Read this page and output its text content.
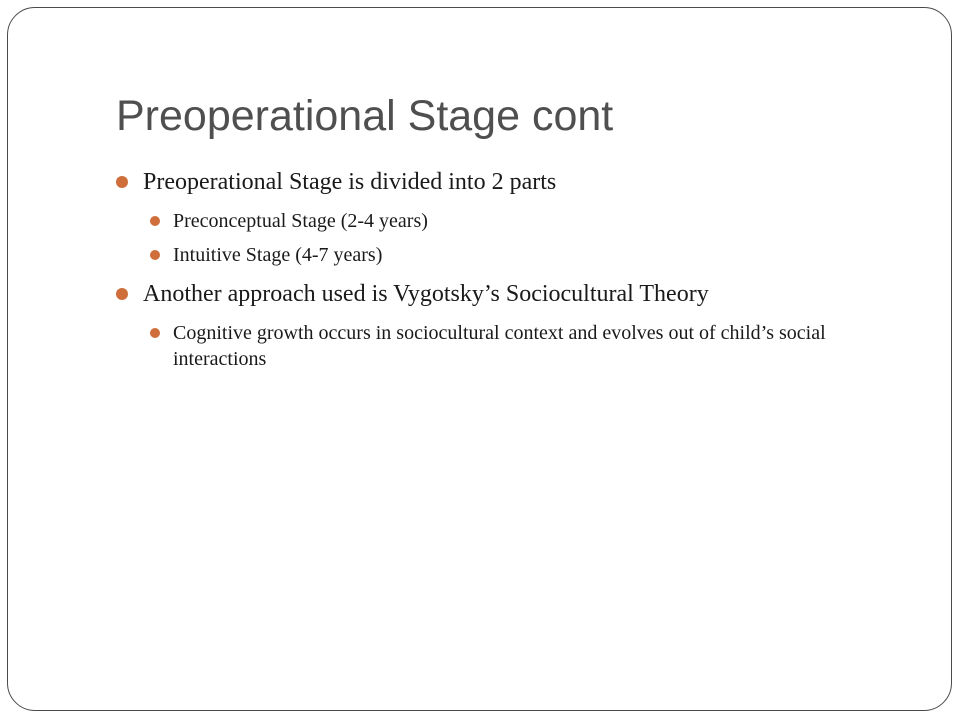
Preoperational Stage cont
Preoperational Stage is divided into 2 parts
Preconceptual Stage (2-4 years)
Intuitive Stage (4-7 years)
Another approach used is Vygotsky’s Sociocultural Theory
Cognitive growth occurs in sociocultural context and evolves out of child’s social interactions
